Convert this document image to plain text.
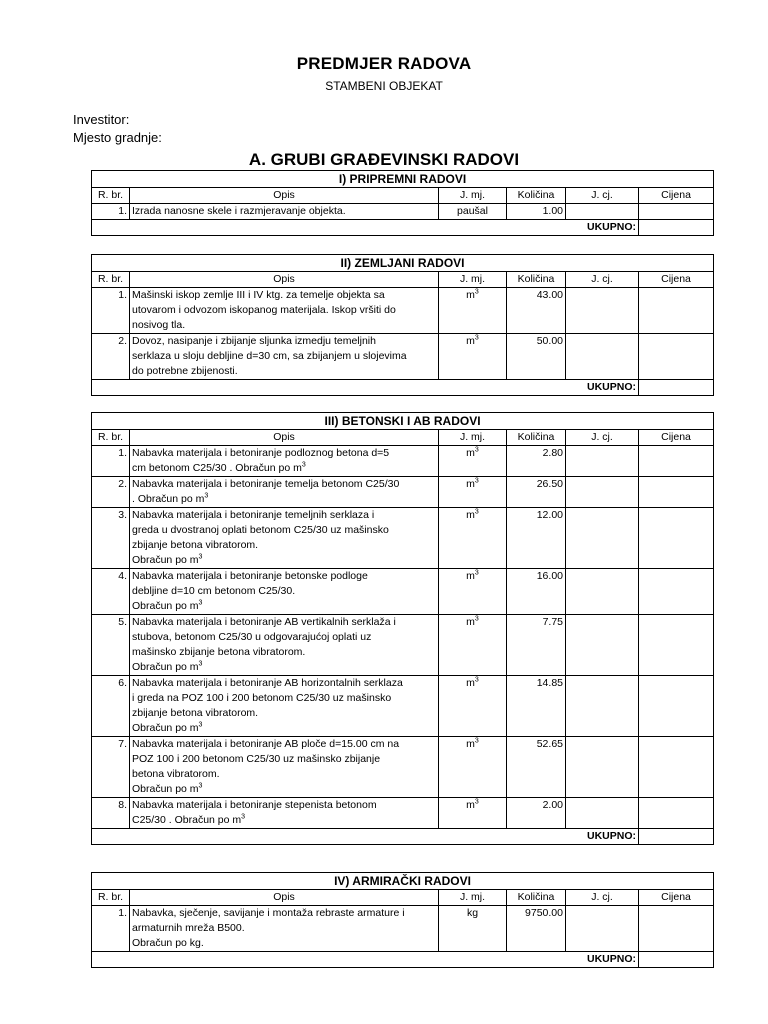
PREDMJER RADOVA
STAMBENI OBJEKAT
Investitor:
Mjesto gradnje:
A. GRUBI GRAĐEVINSKI RADOVI
I) PRIPREMNI RADOVI					
R. br.	Opis	J. mj.	Količina	J. cj.	Cijena
1.	Izrada nanosne skele i razmjeravanje objekta.	paušal	1.00		
UKUPNO:					
II) ZEMLJANI RADOVI					
R. br.	Opis	J. mj.	Količina	J. cj.	Cijena
1.	Mašinski iskop zemlje III i IV ktg. za temelje objekta sa
utovarom i odvozom iskopanog materijala. Iskop vršiti do
nosivog tla.	$m^3$	43.00		
2.	Dovoz, nasipanje i zbijanje sljunka izmedju temeljnih
serklaza u sloju debljine d=30 cm, sa zbijanjem u slojevima
do potrebne zbijenosti.	$m^3$	50.00		
UKUPNO:					
III) BETONSKI I AB RADOVI					
R. br.	Opis	J. mj.	Količina	J. cj.	Cijena
1.	Nabavka materijala i betoniranje podloznog betona d=5
cm betonom C25/30 . Obračun po $m^3$	$m^3$	2.80		
2.	Nabavka materijala i betoniranje temelja betonom C25/30
. Obračun po $m^3$	$m^3$	26.50		
3.	Nabavka materijala i betoniranje temeljnih serklaza i
greda u dvostranoj oplati betonom C25/30 uz mašinsko
zbijanje betona vibratorom.
Obračun po $m^3$	$m^3$	12.00		
4.	Nabavka materijala i betoniranje betonske podloge
debljine d=10 cm betonom C25/30.
Obračun po $m^3$	$m^3$	16.00		
5.	Nabavka materijala i betoniranje AB vertikalnih serklaža i
stubova, betonom C25/30 u odgovarajućoj oplati uz
mašinsko zbijanje betona vibratorom.
Obračun po $m^3$	$m^3$	7.75		
6.	Nabavka materijala i betoniranje AB horizontalnih serklaza
i greda na POZ 100 i 200 betonom C25/30 uz mašinsko
zbijanje betona vibratorom.
Obračun po $m^3$	$m^3$	14.85		
7.	Nabavka materijala i betoniranje AB ploče d=15.00 cm na
POZ 100 i 200 betonom C25/30 uz mašinsko zbijanje
betona vibratorom.
Obračun po $m^3$	$m^3$	52.65		
8.	Nabavka materijala i betoniranje stepenista betonom
C25/30 . Obračun po $m^3$	$m^3$	2.00		
UKUPNO:					
IV) ARMIRAČKI RADOVI					
R. br.	Opis	J. mj.	Količina	J. cj.	Cijena
1.	Nabavka, sječenje, savijanje i montaža rebraste armature i
armaturnih mreža B500.
Obračun po kg.	kg	9750.00		
UKUPNO:					
